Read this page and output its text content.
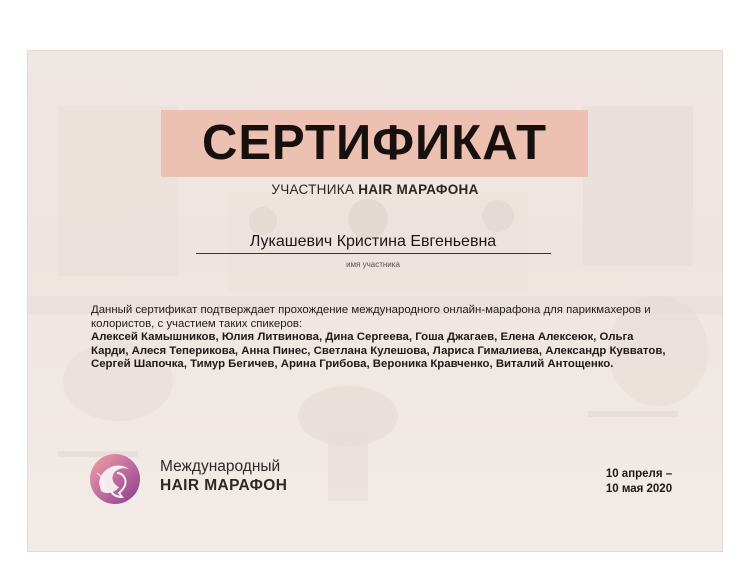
СЕРТИФИКАТ
УЧАСТНИКА HAIR МАРАФОНА
Лукашевич Кристина Евгеньевна
имя участника
Данный сертификат подтверждает прохождение международного онлайн-марафона для парикмахеров и колористов, с участием таких спикеров:
Алексей Камышников, Юлия Литвинова, Дина Сергеева, Гоша Джагаев, Елена Алексеюк, Ольга Карди, Алеся Теперикова, Анна Пинес, Светлана Кулешова, Лариса Гималиева, Александр Кувватов, Сергей Шапочка, Тимур Бегичев, Арина Грибова, Вероника Кравченко, Виталий Антощенко.
Международный
HAIR МАРАФОН
10 апреля –
10 мая 2020
